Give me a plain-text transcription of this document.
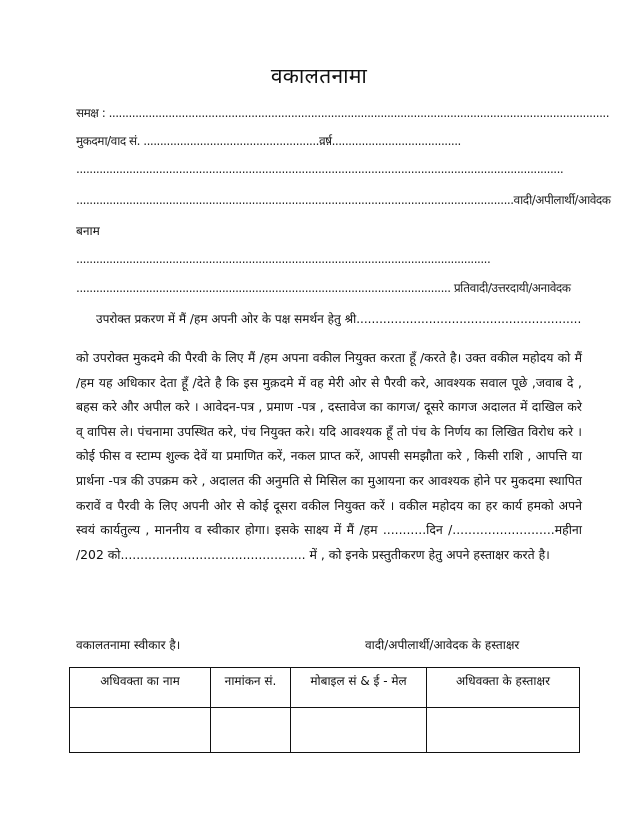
वकालतनामा
समक्ष : .......................................................................................................................................................
मुकदमा/वाद सं. ........................................................
वर्ष.......................................
...................................................................................................................................................
....................................................................................................................................वादी/अपीलार्थी/आवेदक
बनाम
.............................................................................................................................
................................................................................................................. प्रतिवादी/उत्तरदायी/अनावेदक
उपरोक्त प्रकरण में मैं /हम अपनी ओर के पक्ष समर्थन हेतु श्री...........................................................
को उपरोक्त मुकदमे की पैरवी के लिए मैं /हम अपना वकील नियुक्त करता हूँ /करते है। उक्त वकील महोदय को मैं /हम यह अधिकार देता हूँ /देते है कि इस मुक़दमे में वह मेरी ओर से पैरवी करे, आवश्यक सवाल पूछे ,जवाब दे , बहस करे और अपील करे । आवेदन-पत्र , प्रमाण -पत्र , दस्तावेज का कागज/ दूसरे कागज अदालत में दाखिल करे व् वापिस ले। पंचनामा उपस्थित करे, पंच नियुक्त करे। यदि आवश्यक हूँ तो पंच के निर्णय का लिखित विरोध करे । कोई फीस व स्टाम्प शुल्क देवें या प्रमाणित करें, नकल प्राप्त करें, आपसी समझौता करे , किसी राशि , आपत्ति या प्रार्थना -पत्र की उपक्रम करे , अदालत की अनुमति से मिसिल का मुआयना कर आवश्यक होने पर मुकदमा स्थापित करावें व पैरवी के लिए अपनी ओर से कोई दूसरा वकील नियुक्त करें । वकील महोदय का हर कार्य हमको अपने स्वयं कार्यतुल्य , माननीय व स्वीकार होगा। इसके साक्ष्य में मैं /हम ...........दिन /..........................महीना /202 को............................................... में , को इनके प्रस्तुतीकरण हेतु अपने हस्ताक्षर करते है।
वकालतनामा स्वीकार है।	वादी/अपीलार्थी/आवेदक के हस्ताक्षर
अधिवक्ता का नाम	नामांकन सं.	मोबाइल सं & ई - मेल	अधिवक्ता के हस्ताक्षर
